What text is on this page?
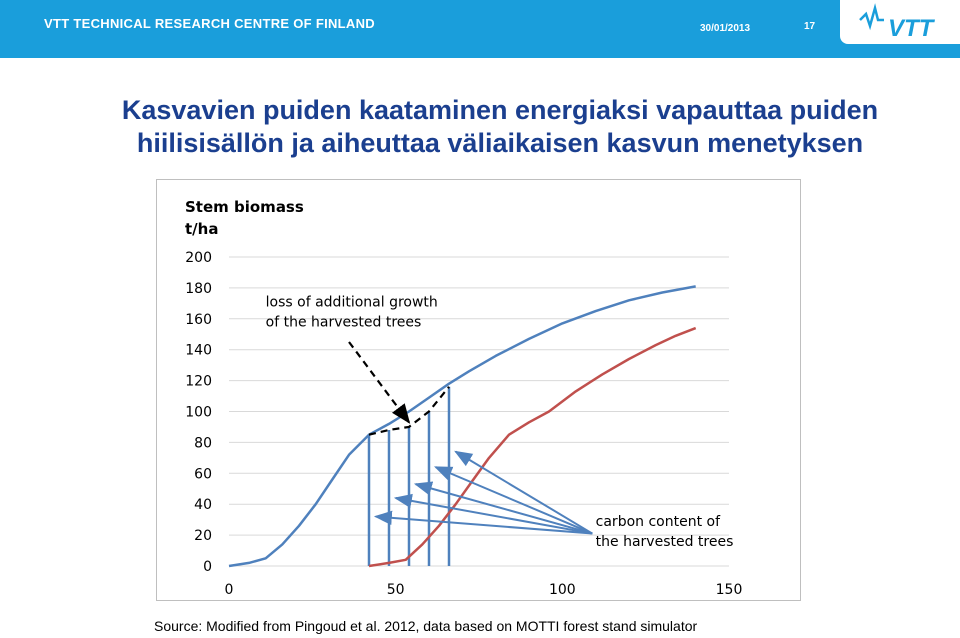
VTT TECHNICAL RESEARCH CENTRE OF FINLAND	30/01/2013	17	VTT
Kasvavien puiden kaataminen energiaksi vapauttaa puiden
hiilisisällön ja aiheuttaa väliaikaisen kasvun menetyksen
0
20
40
60
80
100
120
140
160
180
200
0	50	100	150
Stem biomass
t/ha
loss of additional growth
of the harvested trees
carbon content of
the harvested trees
Source: Modified from Pingoud et al. 2012, data based on MOTTI forest stand simulator
